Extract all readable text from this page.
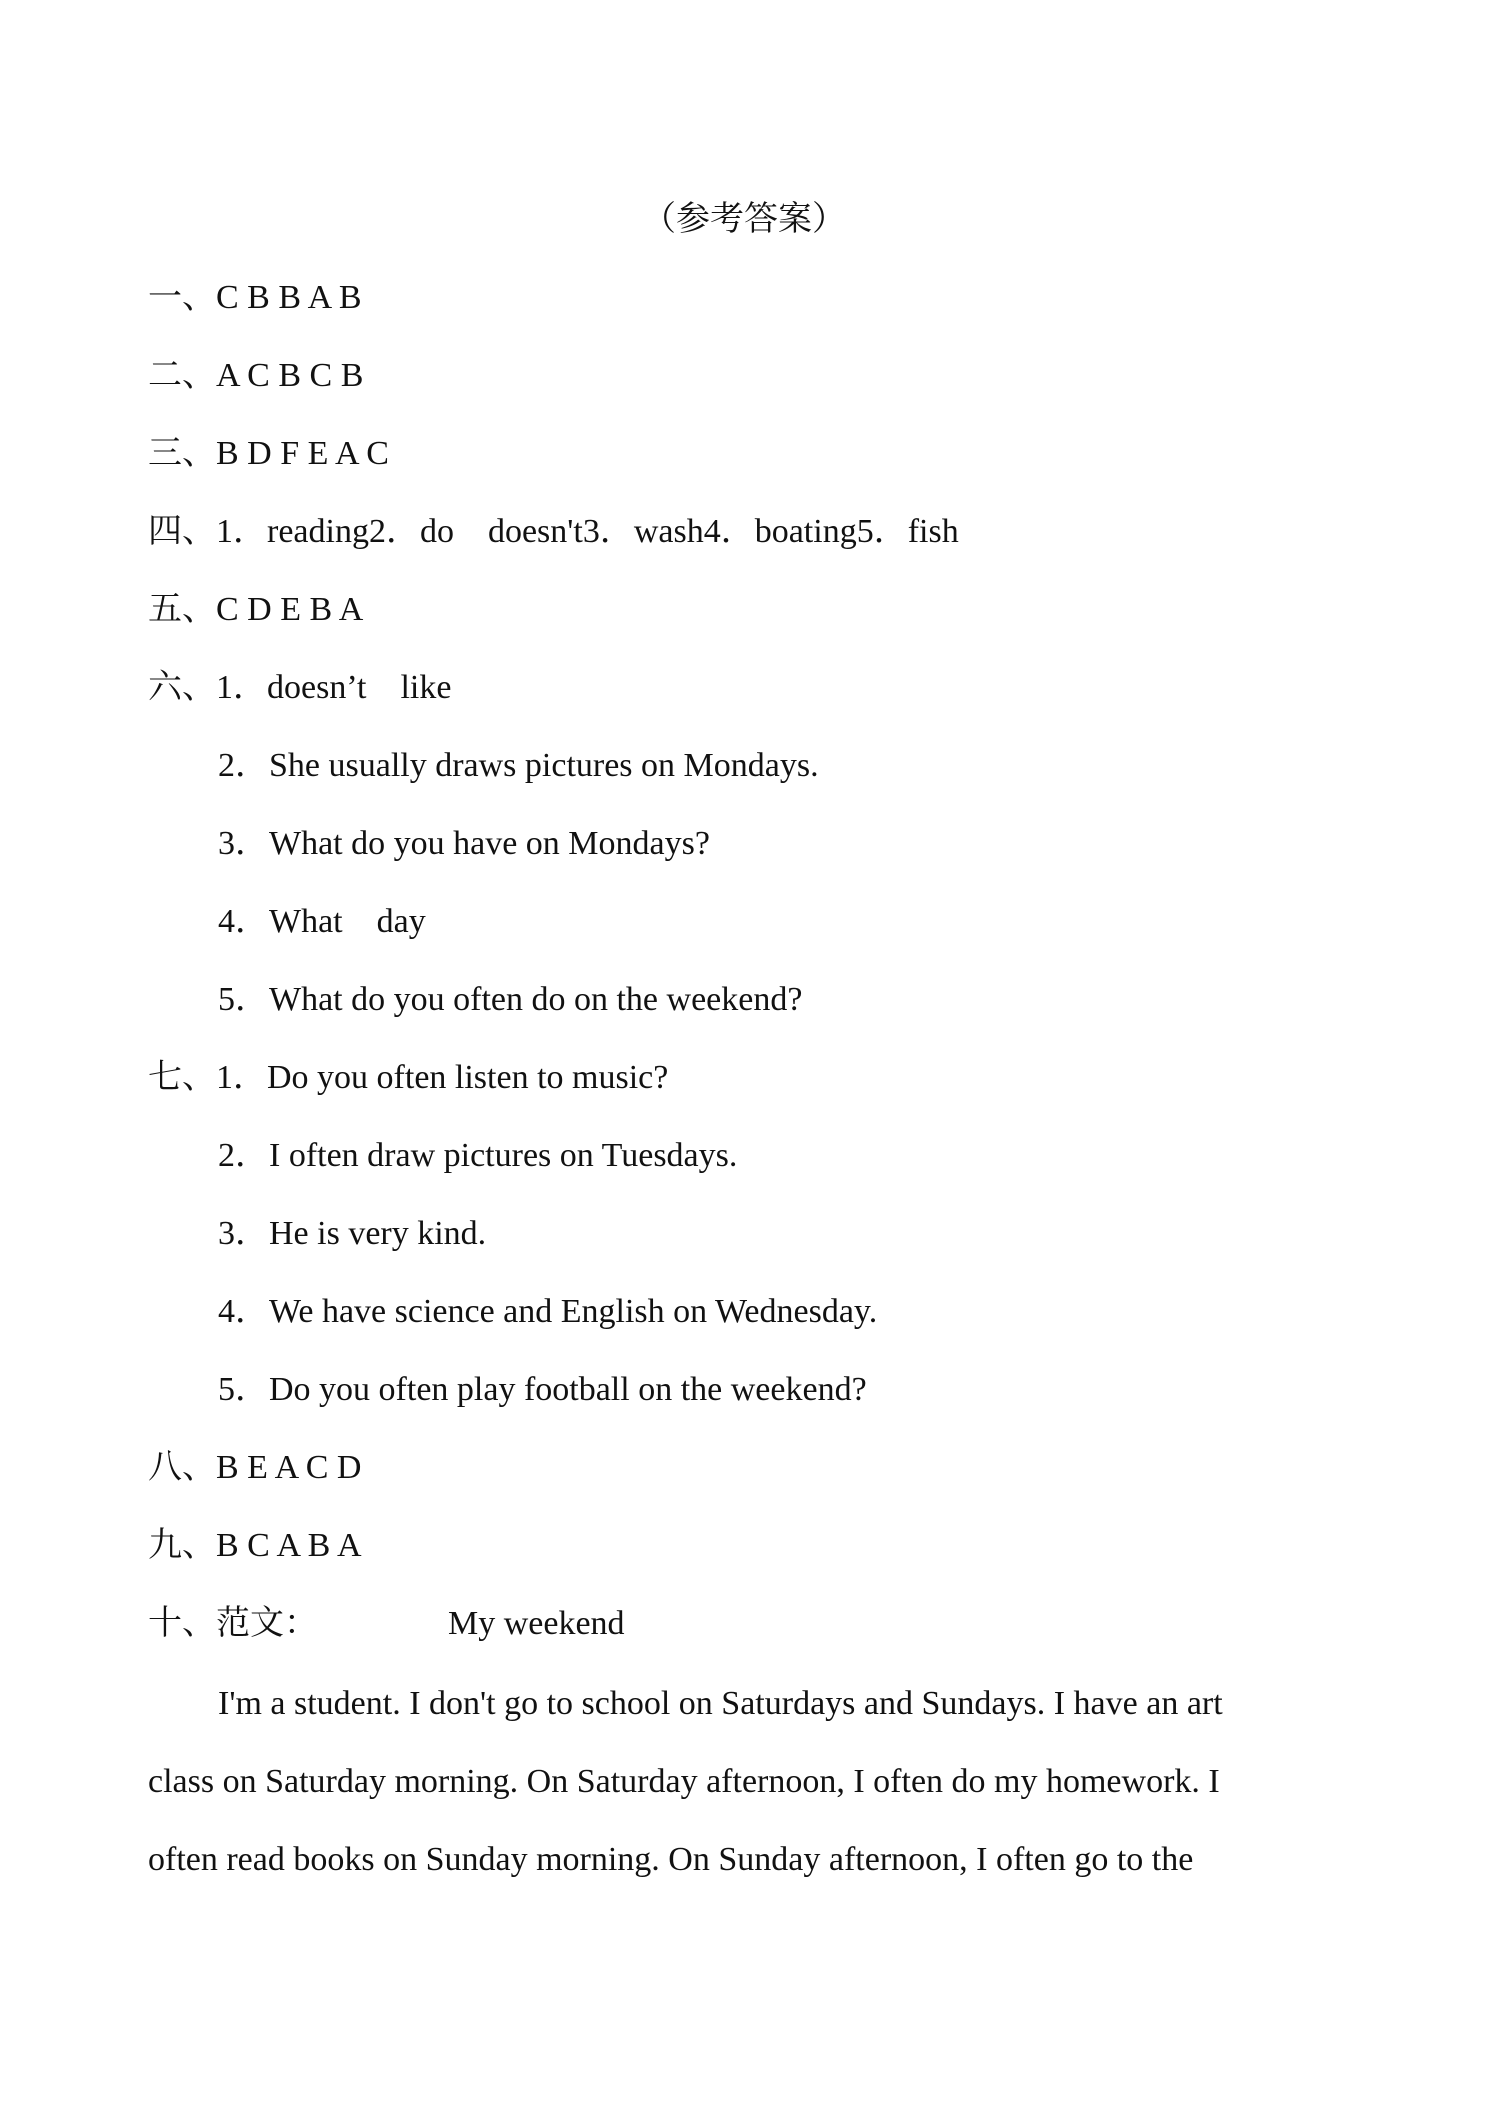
（参考答案）
一、C B B A B
二、A C B C B
三、B D F E A C
四、1．reading2．do　doesn't3．wash4．boating5．fish
五、C D E B A
六、1．doesn’t　like
2．She usually draws pictures on Mondays.
3．What do you have on Mondays?
4．What　day
5．What do you often do on the weekend?
七、1．Do you often listen to music?
2．I often draw pictures on Tuesdays.
3．He is very kind.
4．We have science and English on Wednesday.
5．Do you often play football on the weekend?
八、B E A C D
九、B C A B A
十、范文：	My weekend
I'm a student. I don't go to school on Saturdays and Sundays. I have an art class on Saturday morning. On Saturday afternoon, I often do my homework. I often read books on Sunday morning. On Sunday afternoon, I often go to the
